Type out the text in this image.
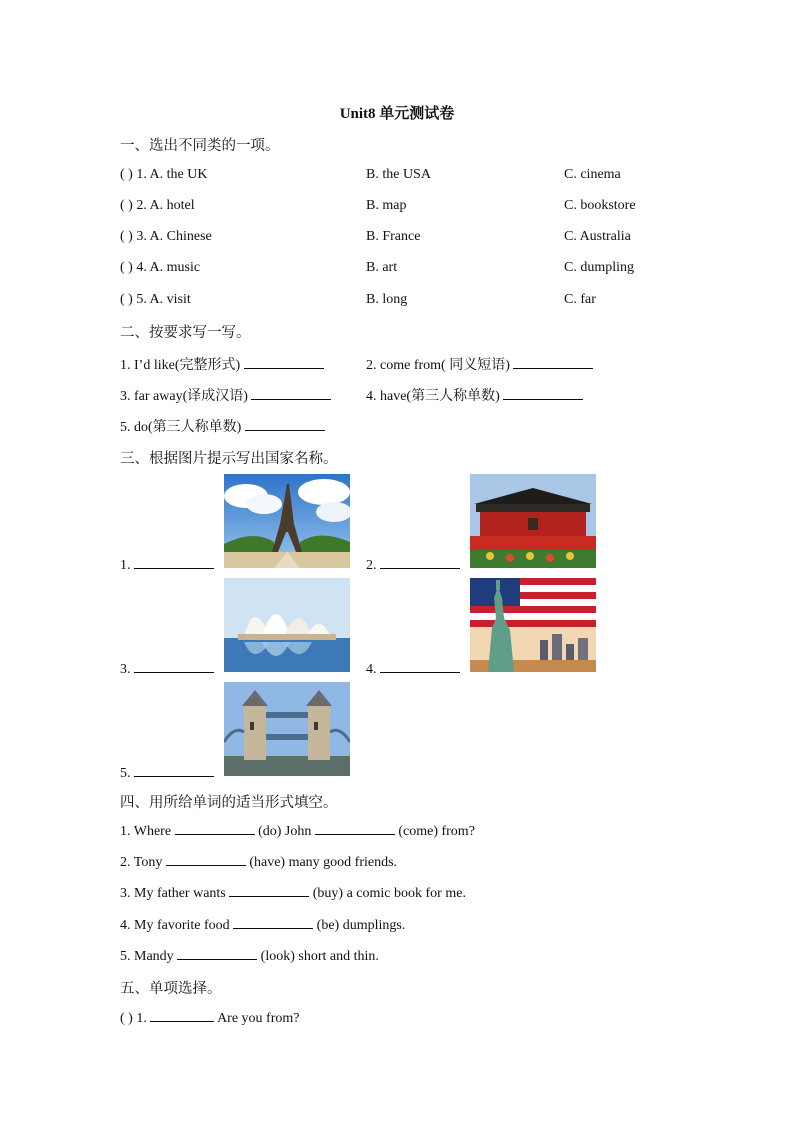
Unit8 单元测试卷
一、选出不同类的一项。
( ) 1. A. the UK	B. the USA	C. cinema
( ) 2. A. hotel	B. map	C. bookstore
( ) 3. A. Chinese	B. France	C. Australia
( ) 4. A. music	B. art	C. dumpling
( ) 5. A. visit	B. long	C. far
二、按要求写一写。
1. I’d like(完整形式)	2. come from( 同义短语)
3. far away(译成汉语)	4. have(第三人称单数)
5. do(第三人称单数)
三、根据图片提示写出国家名称。
1.	2.
3.	4.
5.
四、用所给单词的适当形式填空。
1. Where	(do) John	(come) from?
2. Tony	(have) many good friends.
3. My father wants	(buy) a comic book for me.
4. My favorite food	(be) dumplings.
5. Mandy	(look) short and thin.
五、单项选择。
( ) 1.	Are you from?
